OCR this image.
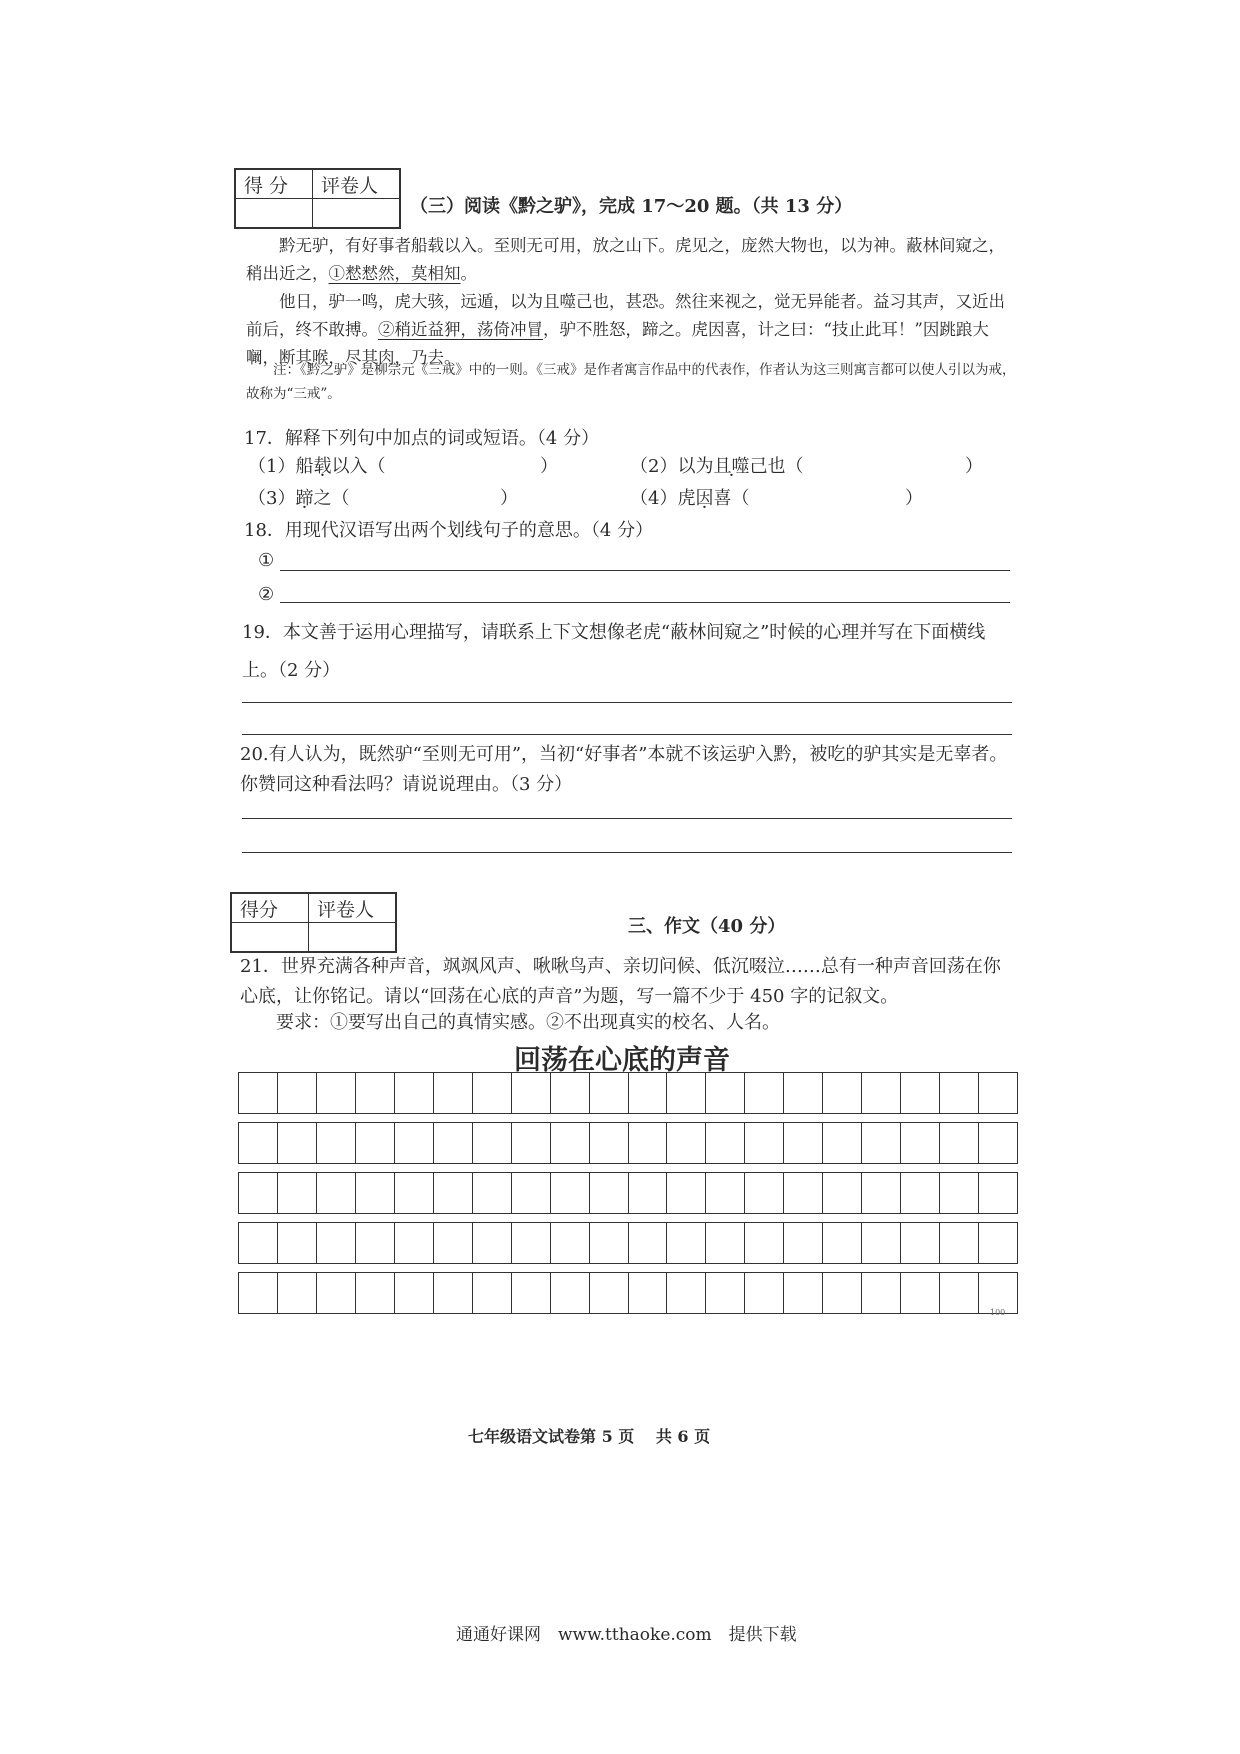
得 分	评卷人

（三）阅读《黔之驴》，完成 17～20 题。（共 13 分）

黔无驴，有好事者船载以入。至则无可用，放之山下。虎见之，庞然大物也，以为神。蔽林间窥之，稍出近之，①慭慭然，莫相知。

他日，驴一鸣，虎大骇，远遁，以为且噬己也，甚恐。然往来视之，觉无异能者。益习其声，又近出前后，终不敢搏。②稍近益狎，荡倚冲冒，驴不胜怒，蹄之。虎因喜，计之曰：“技止此耳！”因跳踉大㘎，断其喉，尽其肉，乃去。

注：《黔之驴》是柳宗元《三戒》中的一则。《三戒》是作者寓言作品中的代表作，作者认为这三则寓言都可以使人引以为戒，故称为“三戒”。

17．解释下列句中加点的词或短语。（4 分）
（1）船载以入（	）	（2）以为且噬己也（	）
（3）蹄之（	）	（4）虎因喜（	）
18．用现代汉语写出两个划线句子的意思。（4 分）
①
②
19．本文善于运用心理描写，请联系上下文想像老虎“蔽林间窥之”时候的心理并写在下面横线上。（2 分）
20.有人认为，既然驴“至则无可用”，当初“好事者”本就不该运驴入黔，被吃的驴其实是无辜者。你赞同这种看法吗？请说说理由。（3 分）
得分	评卷人

三、作文（40 分）
21．世界充满各种声音，飒飒风声、啾啾鸟声、亲切问候、低沉啜泣……总有一种声音回荡在你心底，让你铭记。请以“回荡在心底的声音”为题，写一篇不少于 450 字的记叙文。
要求：①要写出自己的真情实感。②不出现真实的校名、人名。
回荡在心底的声音
100
七年级语文试卷第 5 页　 共 6 页
通通好课网　www.tthaoke.com　提供下载
